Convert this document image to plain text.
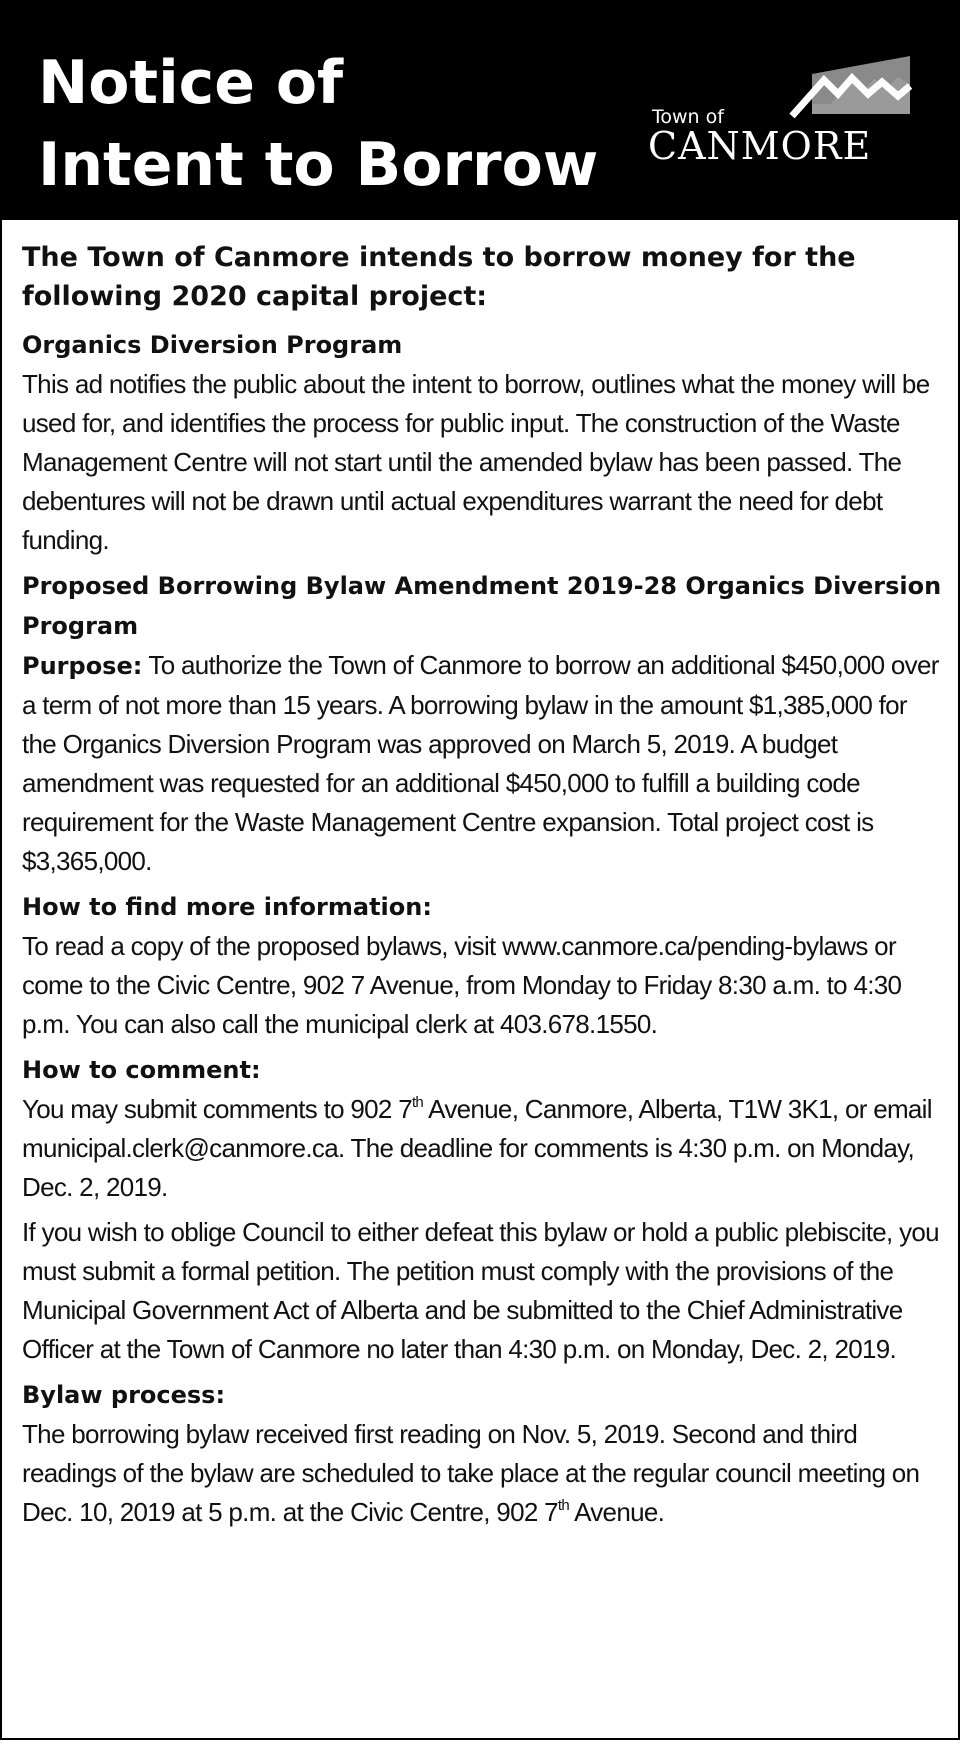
Notice of
Intent to Borrow
Town of
CANMORE
The Town of Canmore intends to borrow money for the following 2020 capital project:
Organics Diversion Program
This ad notifies the public about the intent to borrow, outlines what the money will be used for, and identifies the process for public input. The construction of the Waste Management Centre will not start until the amended bylaw has been passed. The debentures will not be drawn until actual expenditures warrant the need for debt funding.
Proposed Borrowing Bylaw Amendment 2019-28 Organics Diversion Program
Purpose: To authorize the Town of Canmore to borrow an additional $450,000 over a term of not more than 15 years. A borrowing bylaw in the amount $1,385,000 for the Organics Diversion Program was approved on March 5, 2019. A budget amendment was requested for an additional $450,000 to fulfill a building code requirement for the Waste Management Centre expansion. Total project cost is $3,365,000.
How to find more information:
To read a copy of the proposed bylaws, visit www.canmore.ca/pending-bylaws or come to the Civic Centre, 902 7 Avenue, from Monday to Friday 8:30 a.m. to 4:30 p.m. You can also call the municipal clerk at 403.678.1550.
How to comment:
You may submit comments to 902 7th Avenue, Canmore, Alberta, T1W 3K1, or email municipal.clerk@canmore.ca. The deadline for comments is 4:30 p.m. on Monday, Dec. 2, 2019.
If you wish to oblige Council to either defeat this bylaw or hold a public plebiscite, you must submit a formal petition. The petition must comply with the provisions of the Municipal Government Act of Alberta and be submitted to the Chief Administrative Officer at the Town of Canmore no later than 4:30 p.m. on Monday, Dec. 2, 2019.
Bylaw process:
The borrowing bylaw received first reading on Nov. 5, 2019. Second and third readings of the bylaw are scheduled to take place at the regular council meeting on Dec. 10, 2019 at 5 p.m. at the Civic Centre, 902 7th Avenue.
